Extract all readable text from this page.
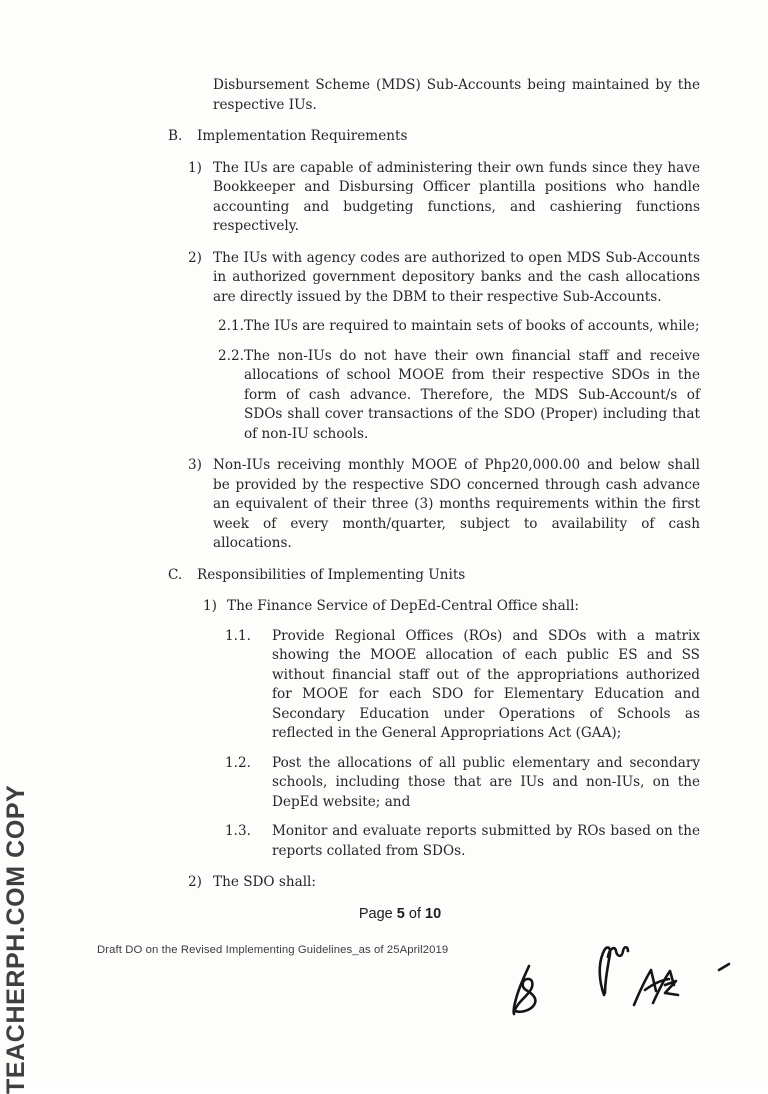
TEACHERPH.COM COPY

Disbursement Scheme (MDS) Sub-Accounts being maintained by the respective IUs.

B.	Implementation Requirements
1) The IUs are capable of administering their own funds since they have Bookkeeper and Disbursing Officer plantilla positions who handle accounting and budgeting functions, and cashiering functions respectively.

2) The IUs with agency codes are authorized to open MDS Sub-Accounts in authorized government depository banks and the cash allocations are directly issued by the DBM to their respective Sub-Accounts.

2.1. The IUs are required to maintain sets of books of accounts, while;

2.2. The non-IUs do not have their own financial staff and receive allocations of school MOOE from their respective SDOs in the form of cash advance. Therefore, the MDS Sub-Account/s of SDOs shall cover transactions of the SDO (Proper) including that of non-IU schools.

3) Non-IUs receiving monthly MOOE of Php20,000.00 and below shall be provided by the respective SDO concerned through cash advance an equivalent of their three (3) months requirements within the first week of every month/quarter, subject to availability of cash allocations.

C.	Responsibilities of Implementing Units
1) The Finance Service of DepEd-Central Office shall:

1.1.	Provide Regional Offices (ROs) and SDOs with a matrix showing the MOOE allocation of each public ES and SS without financial staff out of the appropriations authorized for MOOE for each SDO for Elementary Education and Secondary Education under Operations of Schools as reflected in the General Appropriations Act (GAA);

1.2.	Post the allocations of all public elementary and secondary schools, including those that are IUs and non-IUs, on the DepEd website; and

1.3.	Monitor and evaluate reports submitted by ROs based on the reports collated from SDOs.

2) The SDO shall:

Page 5 of 10
Draft DO on the Revised Implementing Guidelines_as of 25April2019
